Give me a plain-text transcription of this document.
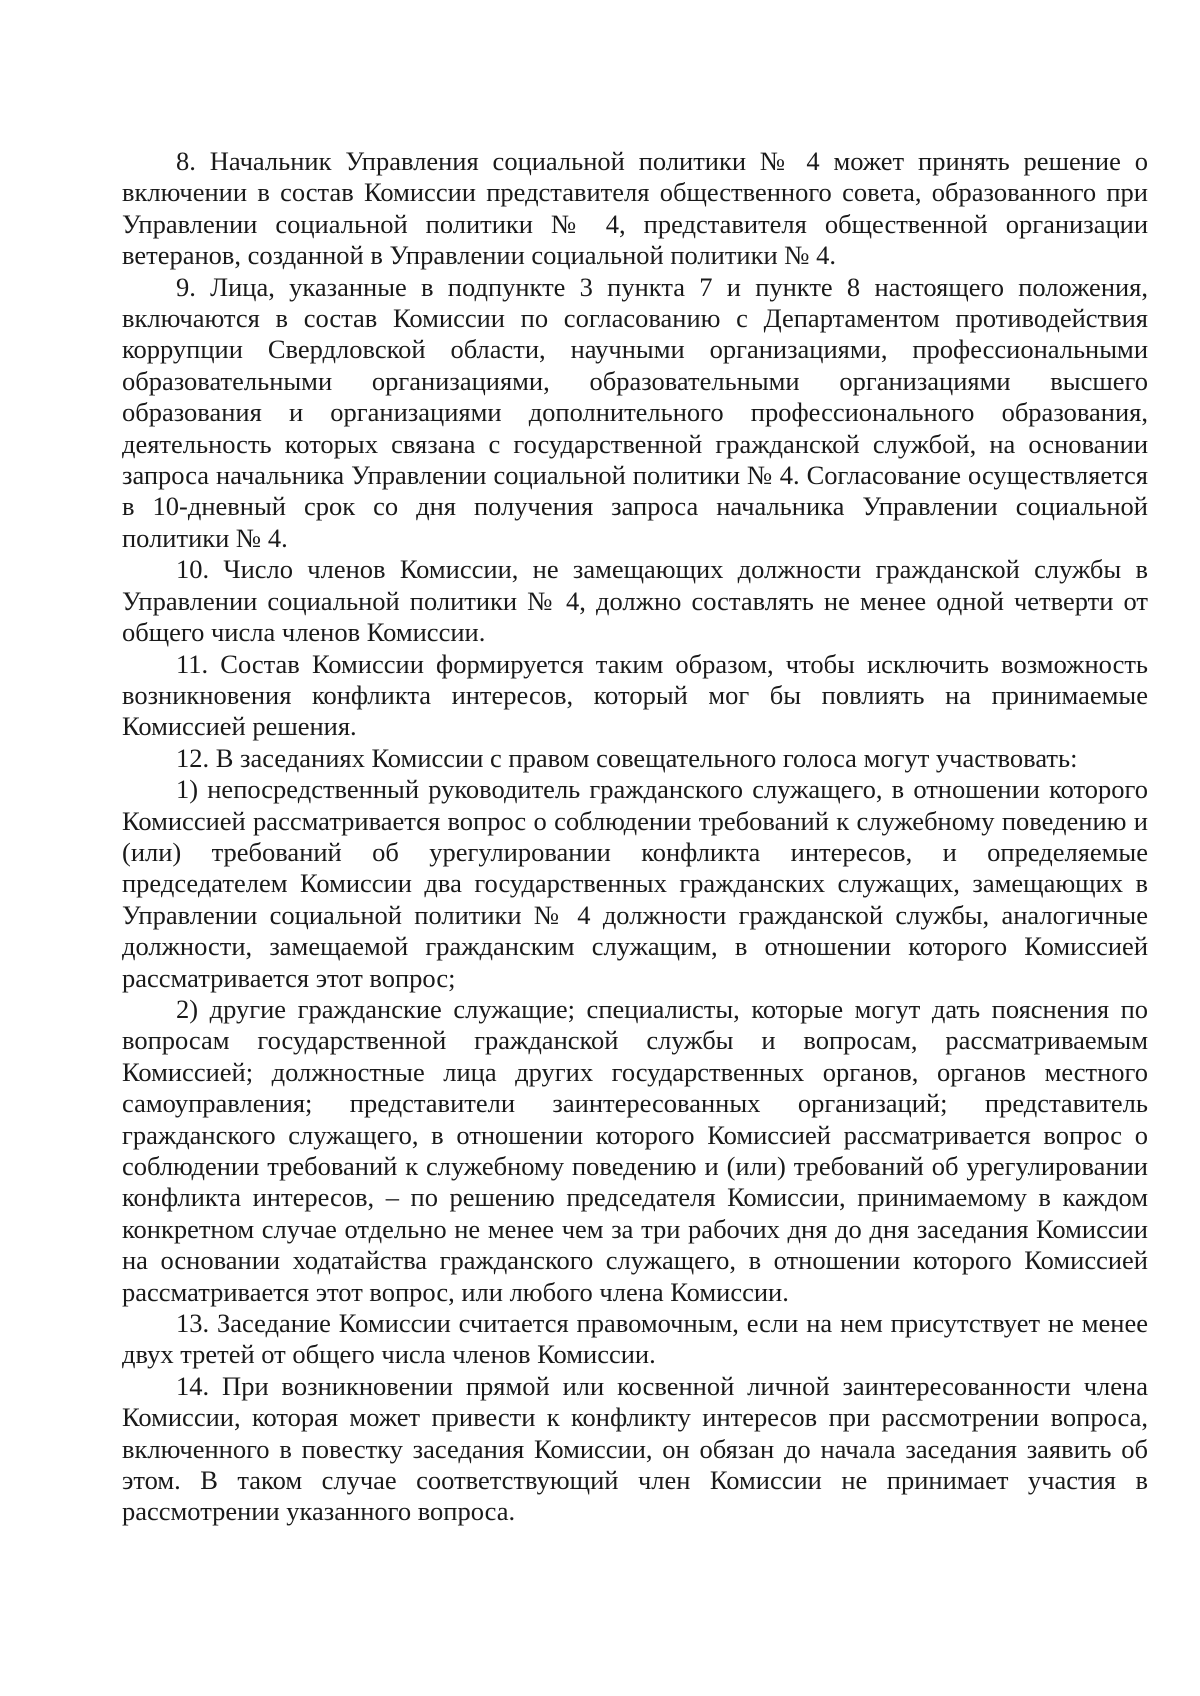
8. Начальник Управления социальной политики № 4 может принять решение о включении в состав Комиссии представителя общественного совета, образованного при Управлении социальной политики № 4, представителя общественной организации ветеранов, созданной в Управлении социальной политики № 4.

9. Лица, указанные в подпункте 3 пункта 7 и пункте 8 настоящего положения, включаются в состав Комиссии по согласованию с Департаментом противодействия коррупции Свердловской области, научными организациями, профессиональными образовательными организациями, образовательными организациями высшего образования и организациями дополнительного профессионального образования, деятельность которых связана с государственной гражданской службой, на основании запроса начальника Управлении социальной политики № 4. Согласование осуществляется в 10-дневный срок со дня получения запроса начальника Управлении социальной политики № 4.

10. Число членов Комиссии, не замещающих должности гражданской службы в Управлении социальной политики № 4, должно составлять не менее одной четверти от общего числа членов Комиссии.

11. Состав Комиссии формируется таким образом, чтобы исключить возможность возникновения конфликта интересов, который мог бы повлиять на принимаемые Комиссией решения.

12. В заседаниях Комиссии с правом совещательного голоса могут участвовать:

1) непосредственный руководитель гражданского служащего, в отношении которого Комиссией рассматривается вопрос о соблюдении требований к служебному поведению и (или) требований об урегулировании конфликта интересов, и определяемые председателем Комиссии два государственных гражданских служащих, замещающих в Управлении социальной политики № 4 должности гражданской службы, аналогичные должности, замещаемой гражданским служащим, в отношении которого Комиссией рассматривается этот вопрос;

2) другие гражданские служащие; специалисты, которые могут дать пояснения по вопросам государственной гражданской службы и вопросам, рассматриваемым Комиссией; должностные лица других государственных органов, органов местного самоуправления; представители заинтересованных организаций; представитель гражданского служащего, в отношении которого Комиссией рассматривается вопрос о соблюдении требований к служебному поведению и (или) требований об урегулировании конфликта интересов, – по решению председателя Комиссии, принимаемому в каждом конкретном случае отдельно не менее чем за три рабочих дня до дня заседания Комиссии на основании ходатайства гражданского служащего, в отношении которого Комиссией рассматривается этот вопрос, или любого члена Комиссии.

13. Заседание Комиссии считается правомочным, если на нем присутствует не менее двух третей от общего числа членов Комиссии.

14. При возникновении прямой или косвенной личной заинтересованности члена Комиссии, которая может привести к конфликту интересов при рассмотрении вопроса, включенного в повестку заседания Комиссии, он обязан до начала заседания заявить об этом. В таком случае соответствующий член Комиссии не принимает участия в рассмотрении указанного вопроса.
